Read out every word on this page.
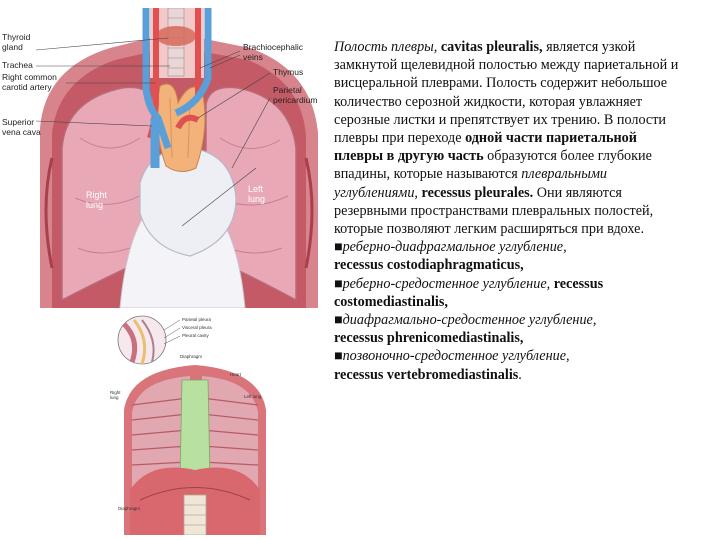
Thyroid
gland
Trachea
Right common
carotid artery
Superior
vena cava
Brachiocephalic
veins
Thymus
Parietal
pericardium
Right
lung
Left
lung
Parietal pleura
Visceral pleura
Pleural cavity
Diaphragm
Right
lung	Left lung
Heart
Diaphragm

Полость плевры, cavitas pleuralis, является узкой замкнутой щелевидной полостью между париетальной и висцеральной плеврами. Полость содержит небольшое количество серозной жидкости, которая увлажняет серозные листки и препятствует их трению. В полости плевры при переходе одной части париетальной плевры в другую часть образуются более глубокие впадины, которые называются плевральными углублениями, recessus pleurales. Они являются резервными пространствами плевральных полостей, которые позволяют легким расширяться при вдохе.

■реберно-диафрагмальное углубление,
recessus costodiaphragmaticus,

■реберно-средостенное углубление, recessus costomediastinalis,

■диафрагмально-средостенное углубление,
recessus phrenicomediastinalis,

■позвоночно-средостенное углубление,
recessus vertebromediastinalis.
